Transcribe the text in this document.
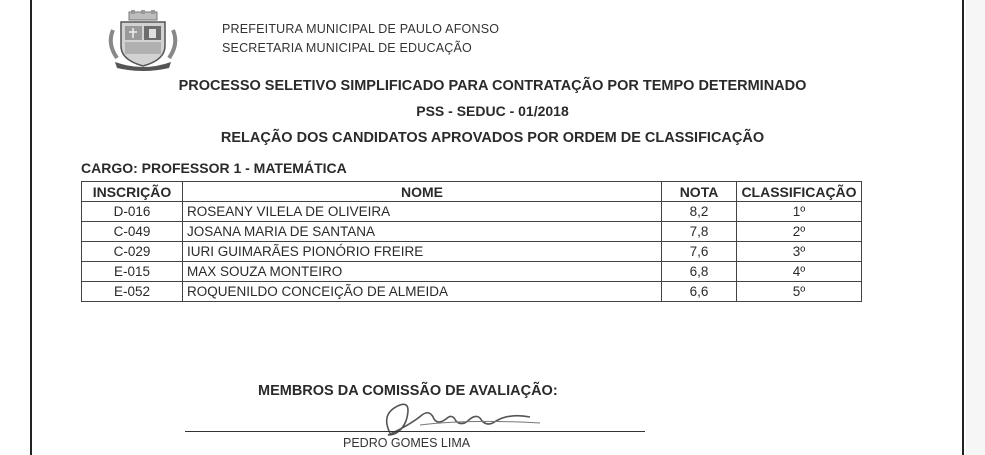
PREFEITURA MUNICIPAL DE PAULO AFONSO
SECRETARIA MUNICIPAL DE EDUCAÇÃO
PROCESSO SELETIVO SIMPLIFICADO PARA CONTRATAÇÃO POR TEMPO DETERMINADO
PSS - SEDUC - 01/2018
RELAÇÃO DOS CANDIDATOS APROVADOS POR ORDEM DE CLASSIFICAÇÃO
CARGO: PROFESSOR 1 - MATEMÁTICA
INSCRIÇÃO	NOME	NOTA	CLASSIFICAÇÃO
D-016	ROSEANY VILELA DE OLIVEIRA	8,2	1º
C-049	JOSANA MARIA DE SANTANA	7,8	2º
C-029	IURI GUIMARÃES PIONÓRIO FREIRE	7,6	3º
E-015	MAX SOUZA MONTEIRO	6,8	4º
E-052	ROQUENILDO CONCEIÇÃO DE ALMEIDA	6,6	5º
MEMBROS DA COMISSÃO DE AVALIAÇÃO:
PEDRO GOMES LIMA
